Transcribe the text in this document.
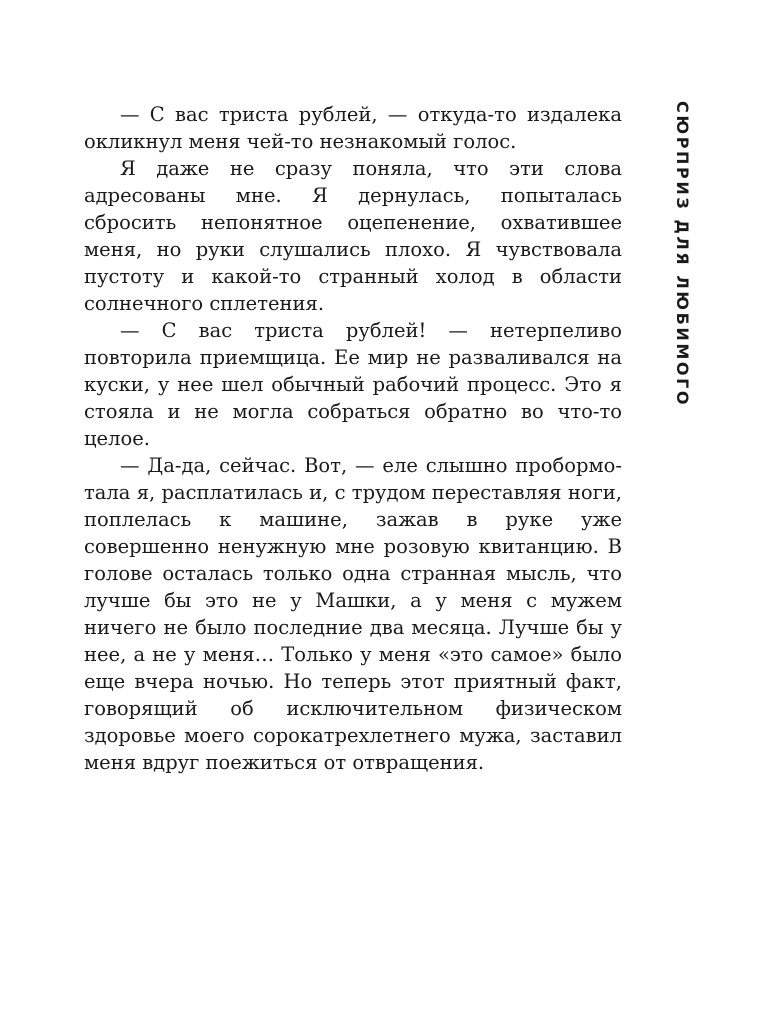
— С вас триста рублей, — откуда-то издалека окликнул меня чей-то незнакомый голос.

Я даже не сразу поняла, что эти слова адресованы мне. Я дернулась, попыталась сбросить непонятное оцепенение, охватившее меня, но руки слушались плохо. Я чувствовала пустоту и какой-то странный холод в области солнечного сплетения.

— С вас триста рублей! — нетерпеливо повторила приемщица. Ее мир не разваливался на куски, у нее шел обычный рабочий процесс. Это я стояла и не могла собраться обратно во что-то целое.

— Да-да, сейчас. Вот, — еле слышно пробормотала я, расплатилась и, с трудом переставляя ноги, поплелась к машине, зажав в руке уже совершенно ненужную мне розовую квитанцию. В голове осталась только одна странная мысль, что лучше бы это не у Машки, а у меня с мужем ничего не было последние два месяца. Лучше бы у нее, а не у меня… Только у меня «это самое» было еще вчера ночью. Но теперь этот приятный факт, говорящий об исключительном физическом здоровье моего сорокатрехлетнего мужа, заставил меня вдруг поежиться от отвращения.

СЮРПРИЗ ДЛЯ ЛЮБИМОГО
